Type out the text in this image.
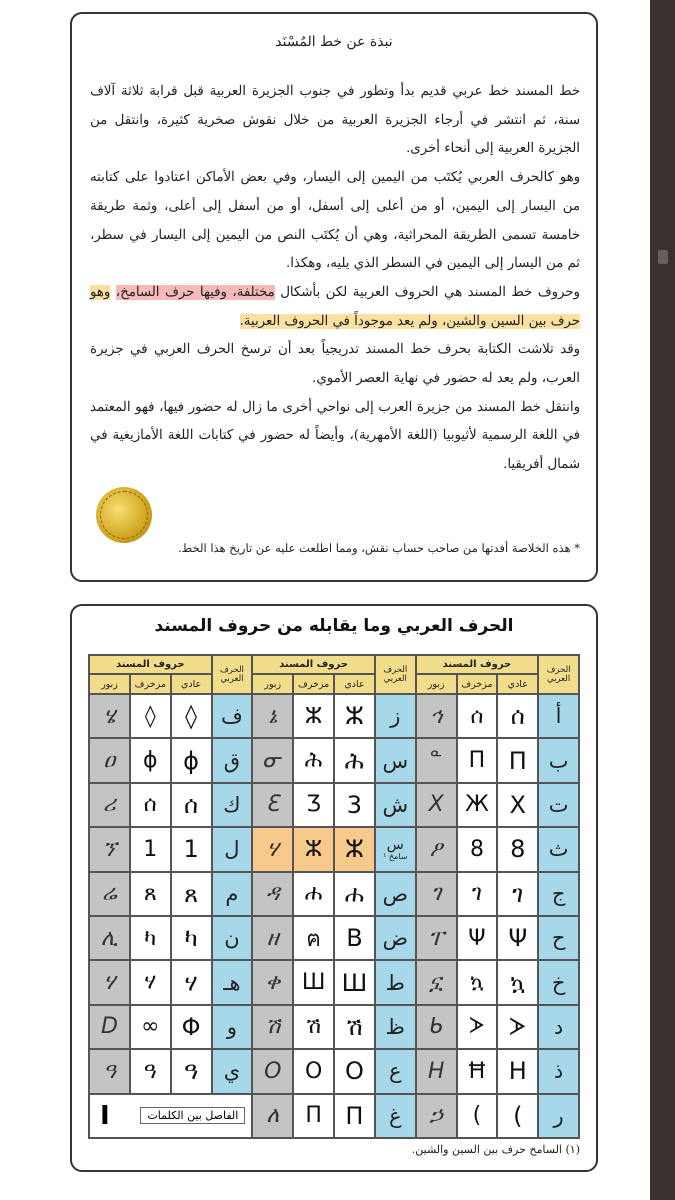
نبذة عن خط المُسْنَد

خط المسند خط عربي قديم بدأ وتطور في جنوب الجزيرة العربية قبل قرابة ثلاثة آلاف سنة، ثم انتشر في أرجاء الجزيرة العربية من خلال نقوش صخرية كثيرة، وانتقل من الجزيرة العربية إلى أنحاء أخرى.

وهو كالحرف العربي يُكتَب من اليمين إلى اليسار، وفي بعض الأماكن اعتادوا على كتابته من اليسار إلى اليمين، أو من أعلى إلى أسفل، أو من أسفل إلى أعلى، وثمة طريقة خامسة تسمى الطريقة المحراثية، وهي أن يُكتَب النص من اليمين إلى اليسار في سطر، ثم من اليسار إلى اليمين في السطر الذي يليه، وهكذا.

وحروف خط المسند هي الحروف العربية لكن بأشكال مختلفة، وفيها حرف السامخ، وهو حرف بين السين والشين، ولم يعد موجوداً في الحروف العربية.

وقد تلاشت الكتابة بحرف خط المسند تدريجياً بعد أن ترسخ الحرف العربي في جزيرة العرب، ولم يعد له حضور في نهاية العصر الأموي.

وانتقل خط المسند من جزيرة العرب إلى نواحي أخرى ما زال له حضور فيها، فهو المعتمد في اللغة الرسمية لأثيوبيا (اللغة الأمهرية)، وأيضاً له حضور في كتابات اللغة الأمازيغية في شمال أفريقيا.

* هذه الخلاصة أفدتها من صاحب حساب نقش، ومما اطلعت عليه عن تاريخ هذا الخط.
الحرف العربي وما يقابله من حروف المسند
الحرف العربي
حروف المسند
عادي
مزخرف
زبور
أ
ሰ
ሰ
ኅ
ب
П
П
ᓐ
ت
X
Ж
X
ث
8
8
ዖ
ج
ገ
ገ
ገ
ح
Ψ
Ψ
ፐ
خ
ኳ
ኳ
ኗ
د
ᗆ
ᗆ
ᑲ
ذ
H
Ħ
H
ر
)
)
ኃ
الحرف العربي
حروف المسند
عادي
مزخرف
زبور
ز
ⵣ
ⵣ
ኔ
س
ሕ
ሕ
ᓂ
ش
3
Ʒ
Ɛ
س
سامخ ¹
ⵣ
ⵣ
ሃ
ص
ሐ
ሐ
ዳ
ض
B
ฅ
ዘ
ط
Ш
Ш
ቀ
ظ
ሽ
ሽ
ሽ
ع
O
O
O
غ
П
П
ለ
الحرف العربي
حروف المسند
عادي
مزخرف
زبور
ف
◊
◊
ሄ
ق
ϕ
ϕ
ዐ
ك
ሰ
ሰ
ሪ
ل
1
1
ኘ
م
ጸ
ጸ
ሬ
ن
ካ
ካ
ሊ
هـ
ሃ
ሃ
ሃ
و
Φ
∞
D
ي
ዓ
ዓ
ዓ
الفاصل بين الكلمات
I
(١) السامخ حرف بين السين والشين.
